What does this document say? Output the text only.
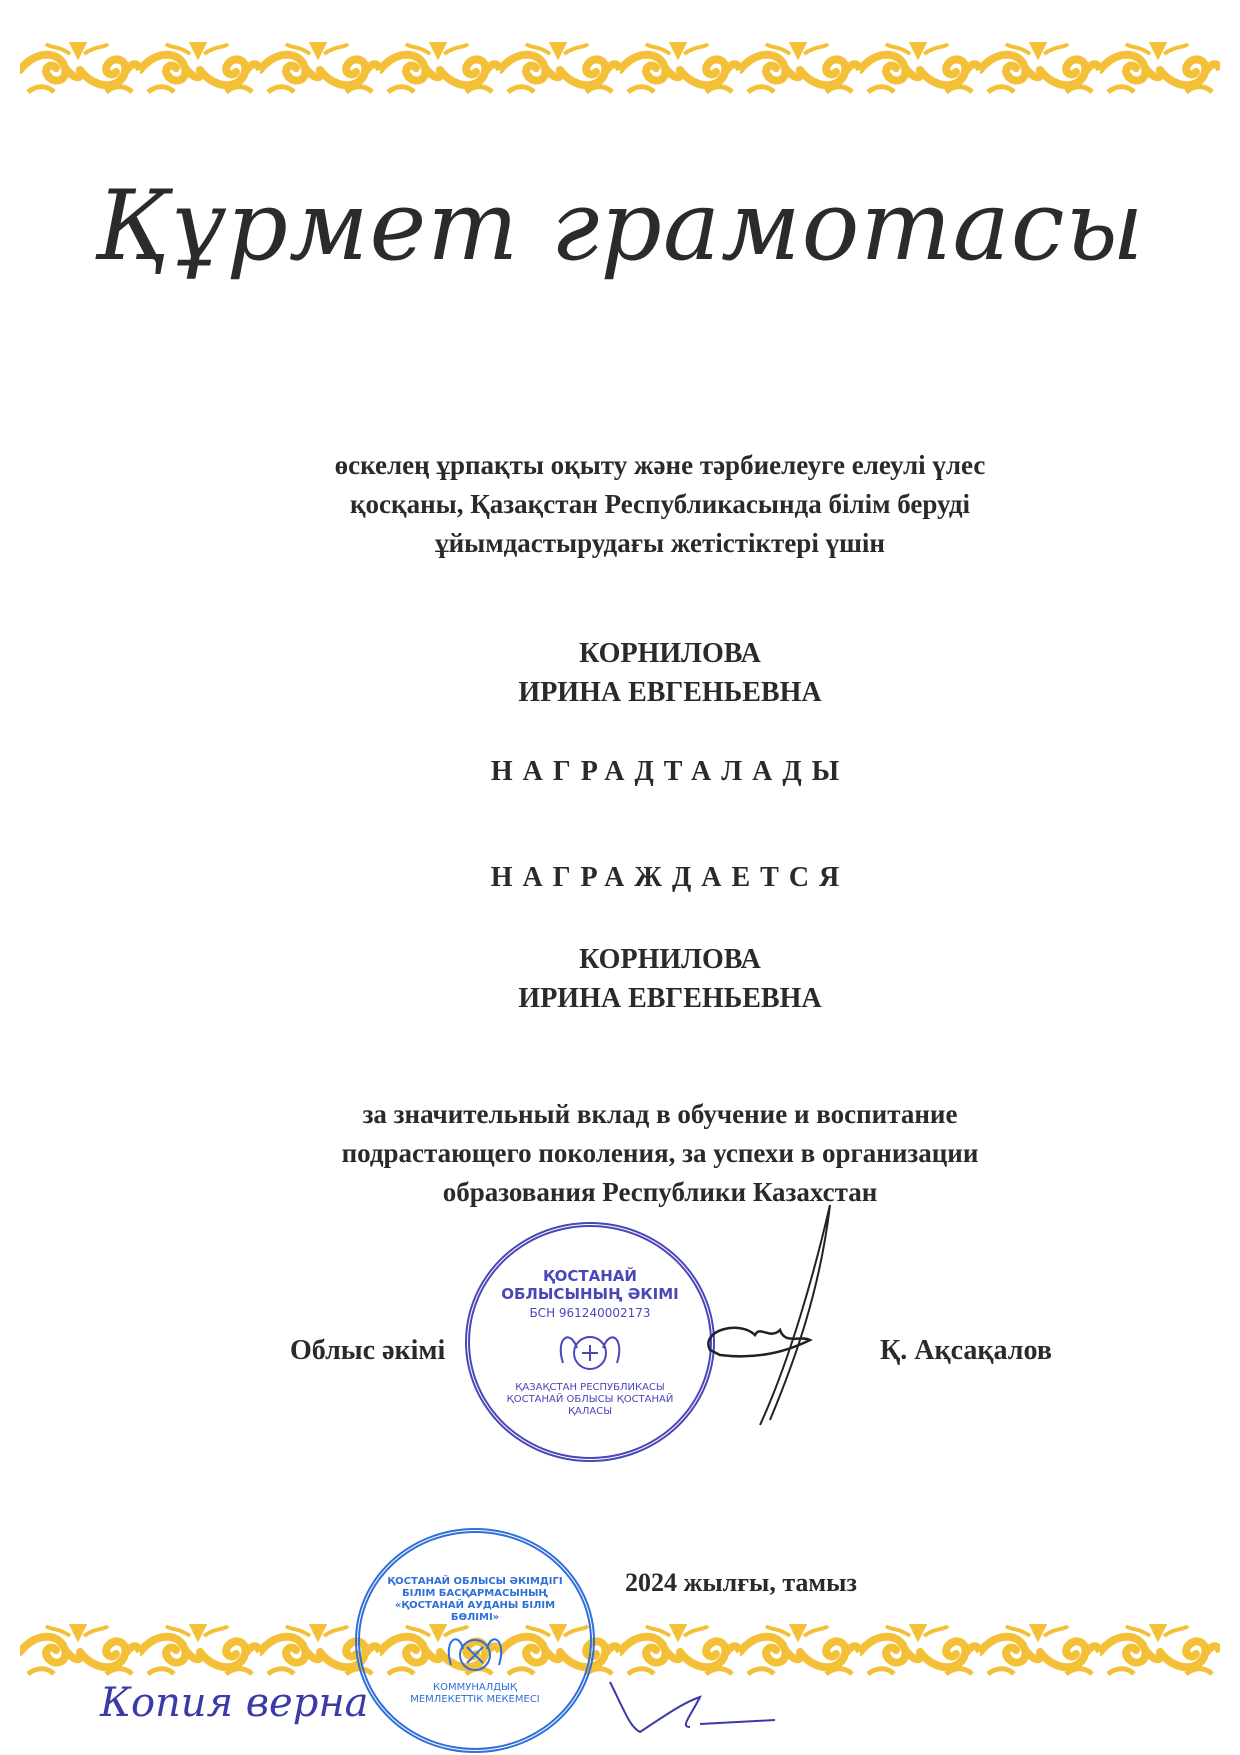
Құрмет грамотасы
өскелең ұрпақты оқыту және тәрбиелеуге елеулі үлес
қосқаны, Қазақстан Республикасында білім беруді
ұйымдастырудағы жетістіктері үшін
КОРНИЛОВА
ИРИНА ЕВГЕНЬЕВНА
НАГРАДТАЛАДЫ
НАГРАЖДАЕТСЯ
КОРНИЛОВА
ИРИНА ЕВГЕНЬЕВНА
за значительный вклад в обучение и воспитание
подрастающего поколения, за успехи в организации
образования Республики Казахстан
Облыс әкімі	Қ. Ақсақалов
ҚОСТАНАЙ ОБЛЫСЫНЫҢ ӘКІМІ
БСН 961240002173
ҚАЗАҚСТАН РЕСПУБЛИКАСЫ ҚОСТАНАЙ ОБЛЫСЫ ҚОСТАНАЙ ҚАЛАСЫ
2024 жылғы, тамыз
ҚОСТАНАЙ ОБЛЫСЫ ӘКІМДІГІ БІЛІМ БАСҚАРМАСЫНЫҢ «ҚОСТАНАЙ АУДАНЫ БІЛІМ БӨЛІМІ»
КОММУНАЛДЫҚ МЕМЛЕКЕТТІК МЕКЕМЕСІ
Копия верна
